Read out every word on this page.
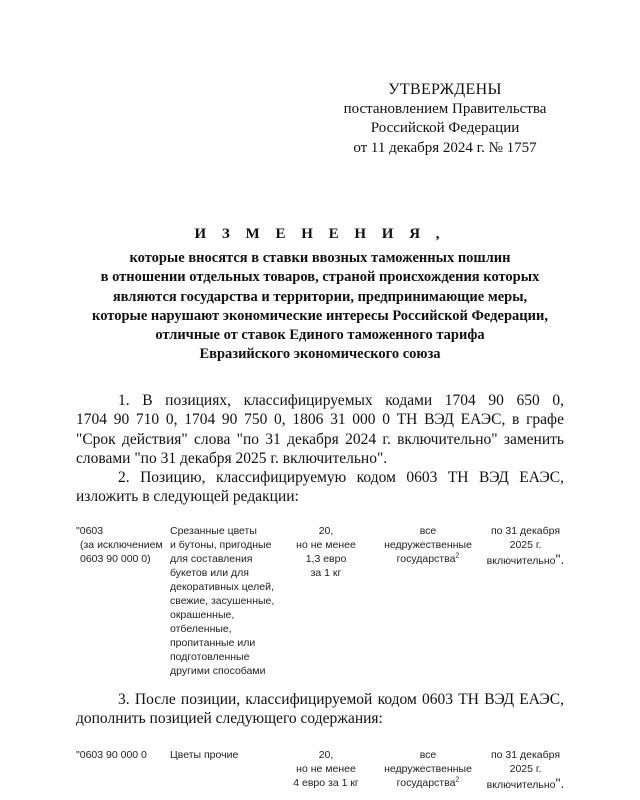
УТВЕРЖДЕНЫ
постановлением Правительства
Российской Федерации
от 11 декабря 2024 г. № 1757
И З М Е Н Е Н И Я ,
которые вносятся в ставки ввозных таможенных пошлин
в отношении отдельных товаров, страной происхождения которых
являются государства и территории, предпринимающие меры,
которые нарушают экономические интересы Российской Федерации,
отличные от ставок Единого таможенного тарифа
Евразийского экономического союза
1. В позициях, классифицируемых кодами 1704 90 650 0,
1704 90 710 0, 1704 90 750 0, 1806 31 000 0 ТН ВЭД ЕАЭС, в графе
"Срок действия" слова "по 31 декабря 2024 г. включительно" заменить
словами "по 31 декабря 2025 г. включительно".
2. Позицию, классифицируемую кодом 0603 ТН ВЭД ЕАЭС,
изложить в следующей редакции:
"0603
(за исключением
0603 90 000 0)
Срезанные цветы
и бутоны, пригодные
для составления
букетов или для
декоративных целей,
свежие, засушенные,
окрашенные,
отбеленные,
пропитанные или
подготовленные
другими способами
20,
но не менее
1,3 евро
за 1 кг
все
недружественные
государства$^2$
по 31 декабря
2025 г.
включительно".
3. После позиции, классифицируемой кодом 0603 ТН ВЭД ЕАЭС,
дополнить позицией следующего содержания:
"0603 90 000 0	Цветы прочие	20,
но не менее
4 евро за 1 кг
все
недружественные
государства$^2$
по 31 декабря
2025 г.
включительно".
